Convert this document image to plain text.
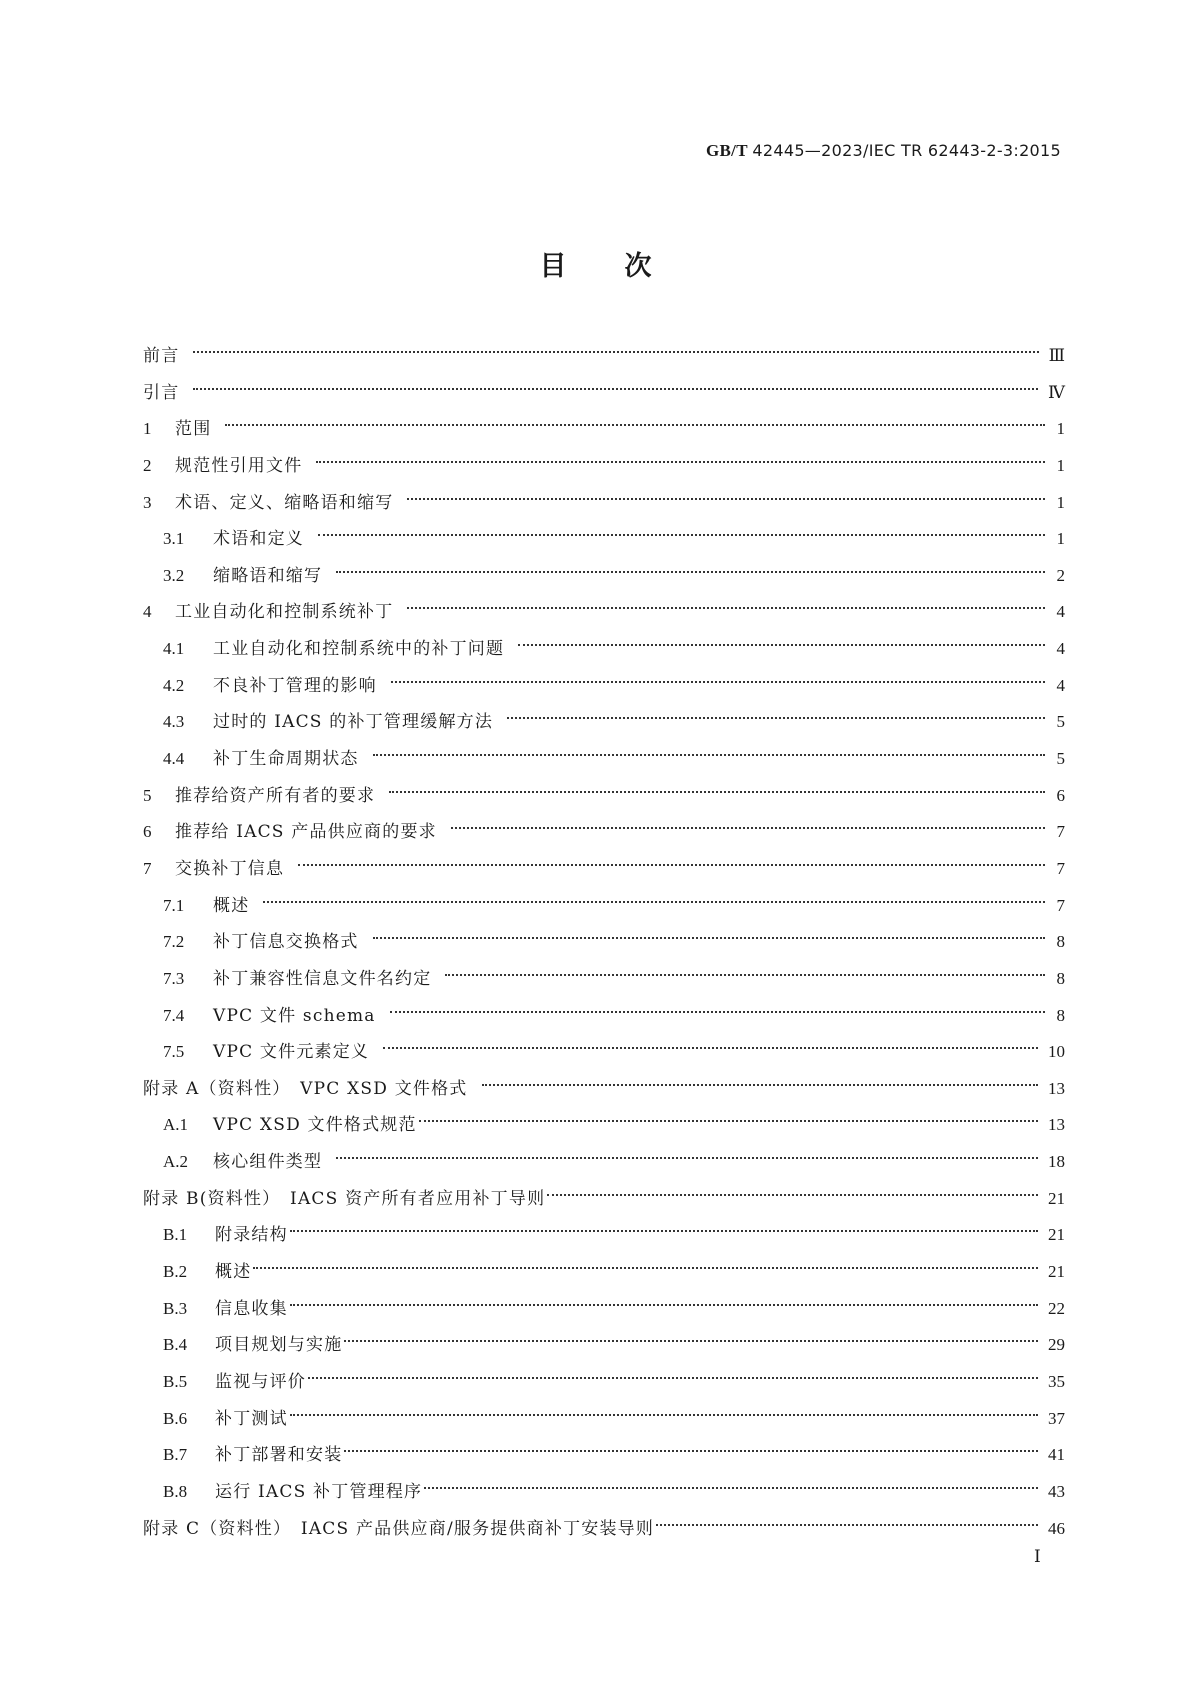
GB/T 42445—2023/IEC TR 62443-2-3:2015
目 次
前言	Ⅲ
引言	Ⅳ
1	范围	1
2	规范性引用文件	1
3	术语、定义、缩略语和缩写	1
3.1	术语和定义	1
3.2	缩略语和缩写	2
4	工业自动化和控制系统补丁	4
4.1	工业自动化和控制系统中的补丁问题	4
4.2	不良补丁管理的影响	4
4.3	过时的 IACS 的补丁管理缓解方法	5
4.4	补丁生命周期状态	5
5	推荐给资产所有者的要求	6
6	推荐给 IACS 产品供应商的要求	7
7	交换补丁信息	7
7.1	概述	7
7.2	补丁信息交换格式	8
7.3	补丁兼容性信息文件名约定	8
7.4	VPC 文件 schema	8
7.5	VPC 文件元素定义	10
附录 A（资料性）　VPC XSD 文件格式	13
A.1	VPC XSD 文件格式规范	13
A.2	核心组件类型	18
附录 B(资料性）　IACS 资产所有者应用补丁导则	21
B.1	附录结构	21
B.2	概述	21
B.3	信息收集	22
B.4	项目规划与实施	29
B.5	监视与评价	35
B.6	补丁测试	37
B.7	补丁部署和安装	41
B.8	运行 IACS 补丁管理程序	43
附录 C（资料性）　IACS 产品供应商/服务提供商补丁安装导则	46
Ⅰ
